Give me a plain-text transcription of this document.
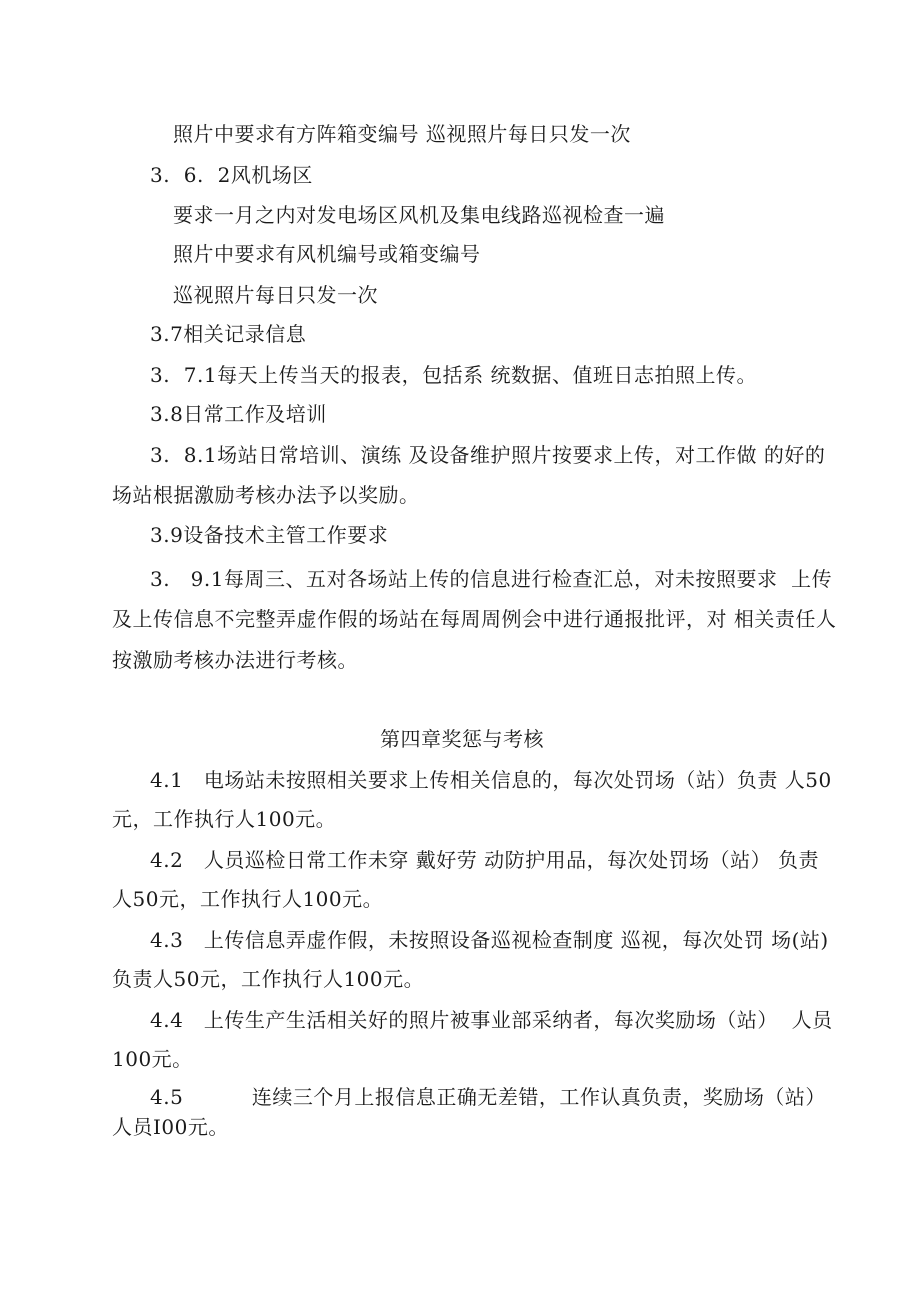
照片中要求有方阵箱变编号 巡视照片每日只发一次
3.  6.  2风机场区
要求一月之内对发电场区风机及集电线路巡视检查一遍
照片中要求有风机编号或箱变编号
巡视照片每日只发一次
3.7相关记录信息
3.  7.1每天上传当天的报表，包括系 统数据、值班日志拍照上传。
3.8日常工作及培训
3.  8.1场站日常培训、演练 及设备维护照片按要求上传，对工作做 的好的
场站根据激励考核办法予以奖励。
3.9设备技术主管工作要求
3.   9.1每周三、五对各场站上传的信息进行检查汇总，对未按照要求  上传
及上传信息不完整弄虚作假的场站在每周周例会中进行通报批评，对 相关责任人
按激励考核办法进行考核。
第四章奖惩与考核
4.1   电场站未按照相关要求上传相关信息的，每次处罚场（站）负责 人50
元，工作执行人100元。
4.2   人员巡检日常工作未穿 戴好劳 动防护用品，每次处罚场（站） 负责
人50元，工作执行人100元。
4.3   上传信息弄虚作假，未按照设备巡视检查制度 巡视，每次处罚 场(站)
负责人50元，工作执行人100元。
4.4   上传生产生活相关好的照片被事业部采纳者，每次奖励场（站）  人员
100元。
4.5          连续三个月上报信息正确无差错，工作认真负责，奖励场（站）
人员I00元。
